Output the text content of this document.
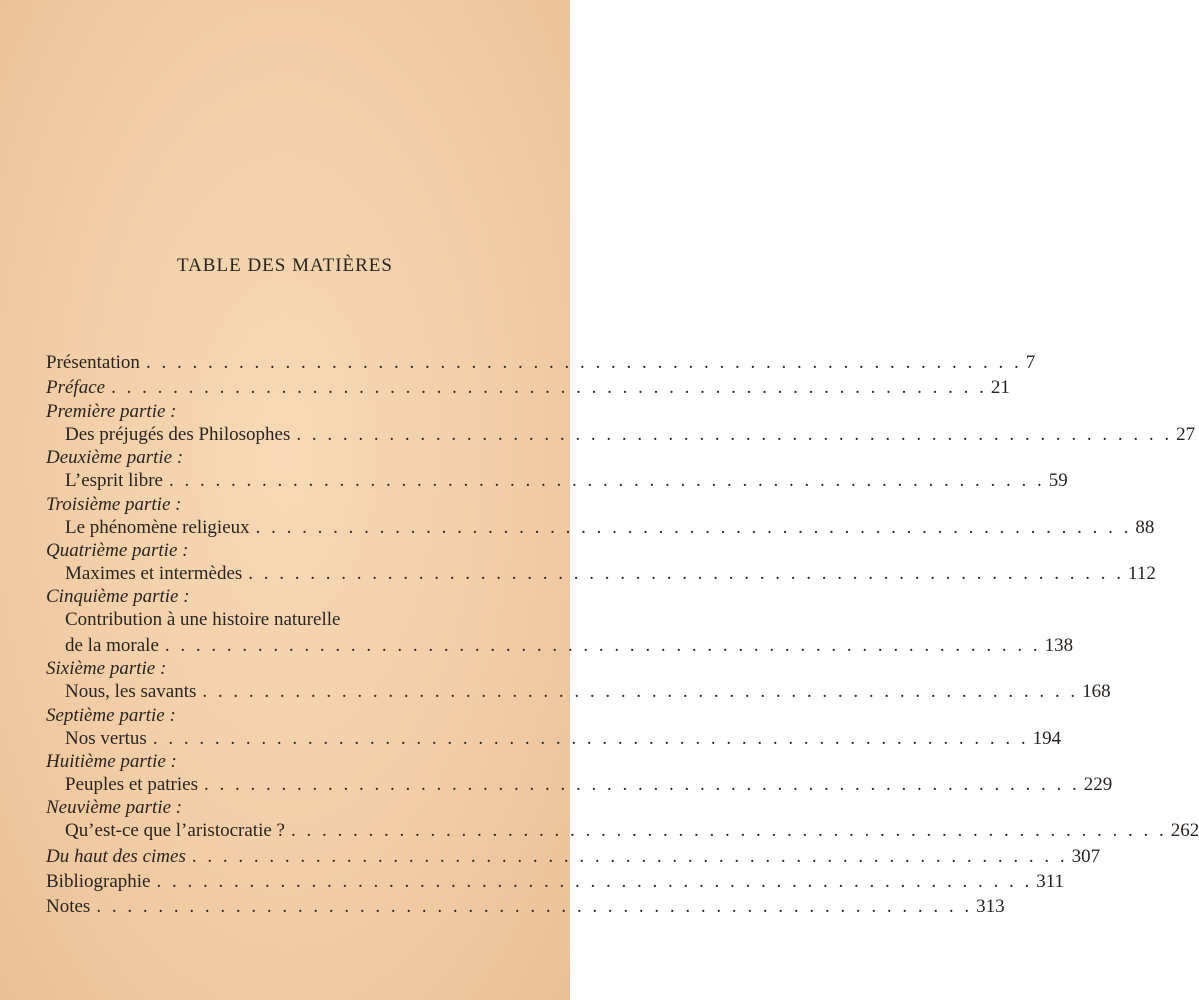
TABLE DES MATIÈRES
Présentation . . . . . . . . . . . . . . . . . . . . . . . . . . . . . . . . . . . . . . . . . . . . . . . . . . . . . . . . . 7
Préface . . . . . . . . . . . . . . . . . . . . . . . . . . . . . . . . . . . . . . . . . . . . . . . . . . . . . . . . . 21
Première partie :
Des préjugés des Philosophes . . . . . . . . . . . . . . . . . . . . . . . . . . . . . . . . . . . . . . . . . . . . . . . . . . . . . . . . . 27
Deuxième partie :
L’esprit libre . . . . . . . . . . . . . . . . . . . . . . . . . . . . . . . . . . . . . . . . . . . . . . . . . . . . . . . . . 59
Troisième partie :
Le phénomène religieux . . . . . . . . . . . . . . . . . . . . . . . . . . . . . . . . . . . . . . . . . . . . . . . . . . . . . . . . . 88
Quatrième partie :
Maximes et intermèdes . . . . . . . . . . . . . . . . . . . . . . . . . . . . . . . . . . . . . . . . . . . . . . . . . . . . . . . . . 112
Cinquième partie :
Contribution à une histoire naturelle
de la morale . . . . . . . . . . . . . . . . . . . . . . . . . . . . . . . . . . . . . . . . . . . . . . . . . . . . . . . . . 138
Sixième partie :
Nous, les savants . . . . . . . . . . . . . . . . . . . . . . . . . . . . . . . . . . . . . . . . . . . . . . . . . . . . . . . . . 168
Septième partie :
Nos vertus . . . . . . . . . . . . . . . . . . . . . . . . . . . . . . . . . . . . . . . . . . . . . . . . . . . . . . . . . 194
Huitième partie :
Peuples et patries . . . . . . . . . . . . . . . . . . . . . . . . . . . . . . . . . . . . . . . . . . . . . . . . . . . . . . . . . 229
Neuvième partie :
Qu’est-ce que l’aristocratie ? . . . . . . . . . . . . . . . . . . . . . . . . . . . . . . . . . . . . . . . . . . . . . . . . . . . . . . . . . 262
Du haut des cimes . . . . . . . . . . . . . . . . . . . . . . . . . . . . . . . . . . . . . . . . . . . . . . . . . . . . . . . . . 307
Bibliographie . . . . . . . . . . . . . . . . . . . . . . . . . . . . . . . . . . . . . . . . . . . . . . . . . . . . . . . . . 311
Notes . . . . . . . . . . . . . . . . . . . . . . . . . . . . . . . . . . . . . . . . . . . . . . . . . . . . . . . . . 313
